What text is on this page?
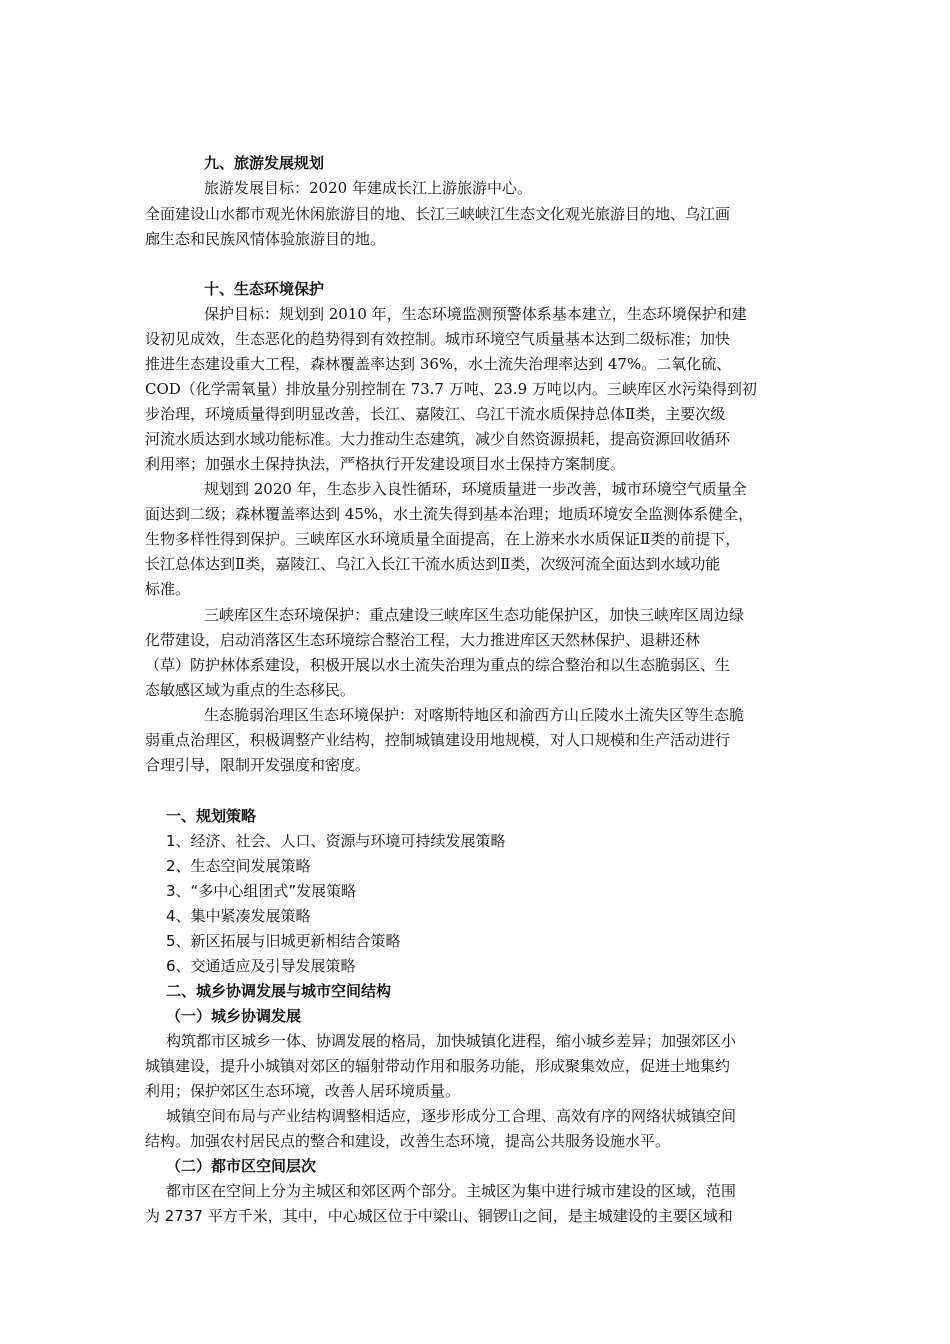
九、旅游发展规划
旅游发展目标：2020 年建成长江上游旅游中心。
全面建设山水都市观光休闲旅游目的地、长江三峡峡江生态文化观光旅游目的地、乌江画
廊生态和民族风情体验旅游目的地。
十、生态环境保护
保护目标：规划到 2010 年，生态环境监测预警体系基本建立，生态环境保护和建
设初见成效，生态恶化的趋势得到有效控制。城市环境空气质量基本达到二级标准；加快
推进生态建设重大工程，森林覆盖率达到 36%，水土流失治理率达到 47%。二氧化硫、
COD（化学需氧量）排放量分别控制在 73.7 万吨、23.9 万吨以内。三峡库区水污染得到初
步治理，环境质量得到明显改善，长江、嘉陵江、乌江干流水质保持总体Ⅱ类，主要次级
河流水质达到水域功能标准。大力推动生态建筑，减少自然资源损耗，提高资源回收循环
利用率；加强水土保持执法，严格执行开发建设项目水土保持方案制度。
规划到 2020 年，生态步入良性循环，环境质量进一步改善，城市环境空气质量全
面达到二级；森林覆盖率达到 45%，水土流失得到基本治理；地质环境安全监测体系健全，
生物多样性得到保护。三峡库区水环境质量全面提高，在上游来水水质保证Ⅱ类的前提下，
长江总体达到Ⅱ类，嘉陵江、乌江入长江干流水质达到Ⅱ类，次级河流全面达到水域功能
标准。
三峡库区生态环境保护：重点建设三峡库区生态功能保护区，加快三峡库区周边绿
化带建设，启动消落区生态环境综合整治工程，大力推进库区天然林保护、退耕还林
（草）防护林体系建设，积极开展以水土流失治理为重点的综合整治和以生态脆弱区、生
态敏感区域为重点的生态移民。
生态脆弱治理区生态环境保护：对喀斯特地区和渝西方山丘陵水土流失区等生态脆
弱重点治理区，积极调整产业结构，控制城镇建设用地规模，对人口规模和生产活动进行
合理引导，限制开发强度和密度。
一、规划策略
1、经济、社会、人口、资源与环境可持续发展策略
2、生态空间发展策略
3、“多中心组团式”发展策略
4、集中紧凑发展策略
5、新区拓展与旧城更新相结合策略
6、交通适应及引导发展策略
二、城乡协调发展与城市空间结构
（一）城乡协调发展
构筑都市区城乡一体、协调发展的格局，加快城镇化进程，缩小城乡差异；加强郊区小
城镇建设，提升小城镇对郊区的辐射带动作用和服务功能，形成聚集效应，促进土地集约
利用；保护郊区生态环境，改善人居环境质量。
城镇空间布局与产业结构调整相适应，逐步形成分工合理、高效有序的网络状城镇空间
结构。加强农村居民点的整合和建设，改善生态环境，提高公共服务设施水平。
（二）都市区空间层次
都市区在空间上分为主城区和郊区两个部分。主城区为集中进行城市建设的区域，范围
为 2737 平方千米，其中，中心城区位于中梁山、铜锣山之间，是主城建设的主要区域和
